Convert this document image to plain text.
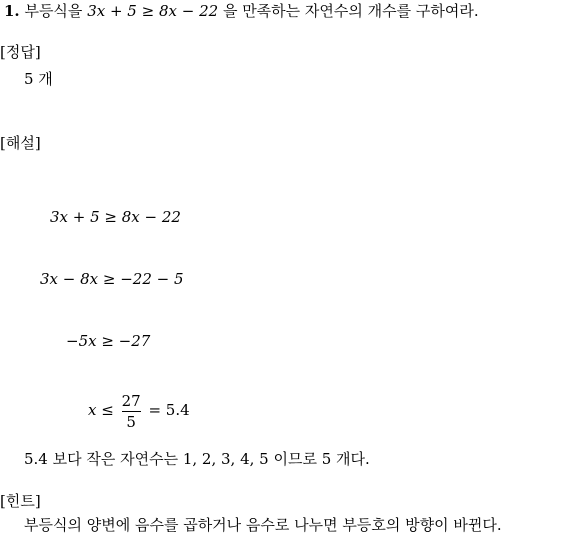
1. 부등식을 3x + 5 ≥ 8x − 22 을 만족하는 자연수의 개수를 구하여라.
[정답]
5 개
[해설]
3x + 5 ≥ 8x − 22
3x − 8x ≥ −22 − 5
−5x ≥ −27
$x \le \frac{27}{5} = 5.4$
5.4 보다 작은 자연수는 1, 2, 3, 4, 5 이므로 5 개다.
[힌트]
부등식의 양변에 음수를 곱하거나 음수로 나누면 부등호의 방향이 바뀐다.
